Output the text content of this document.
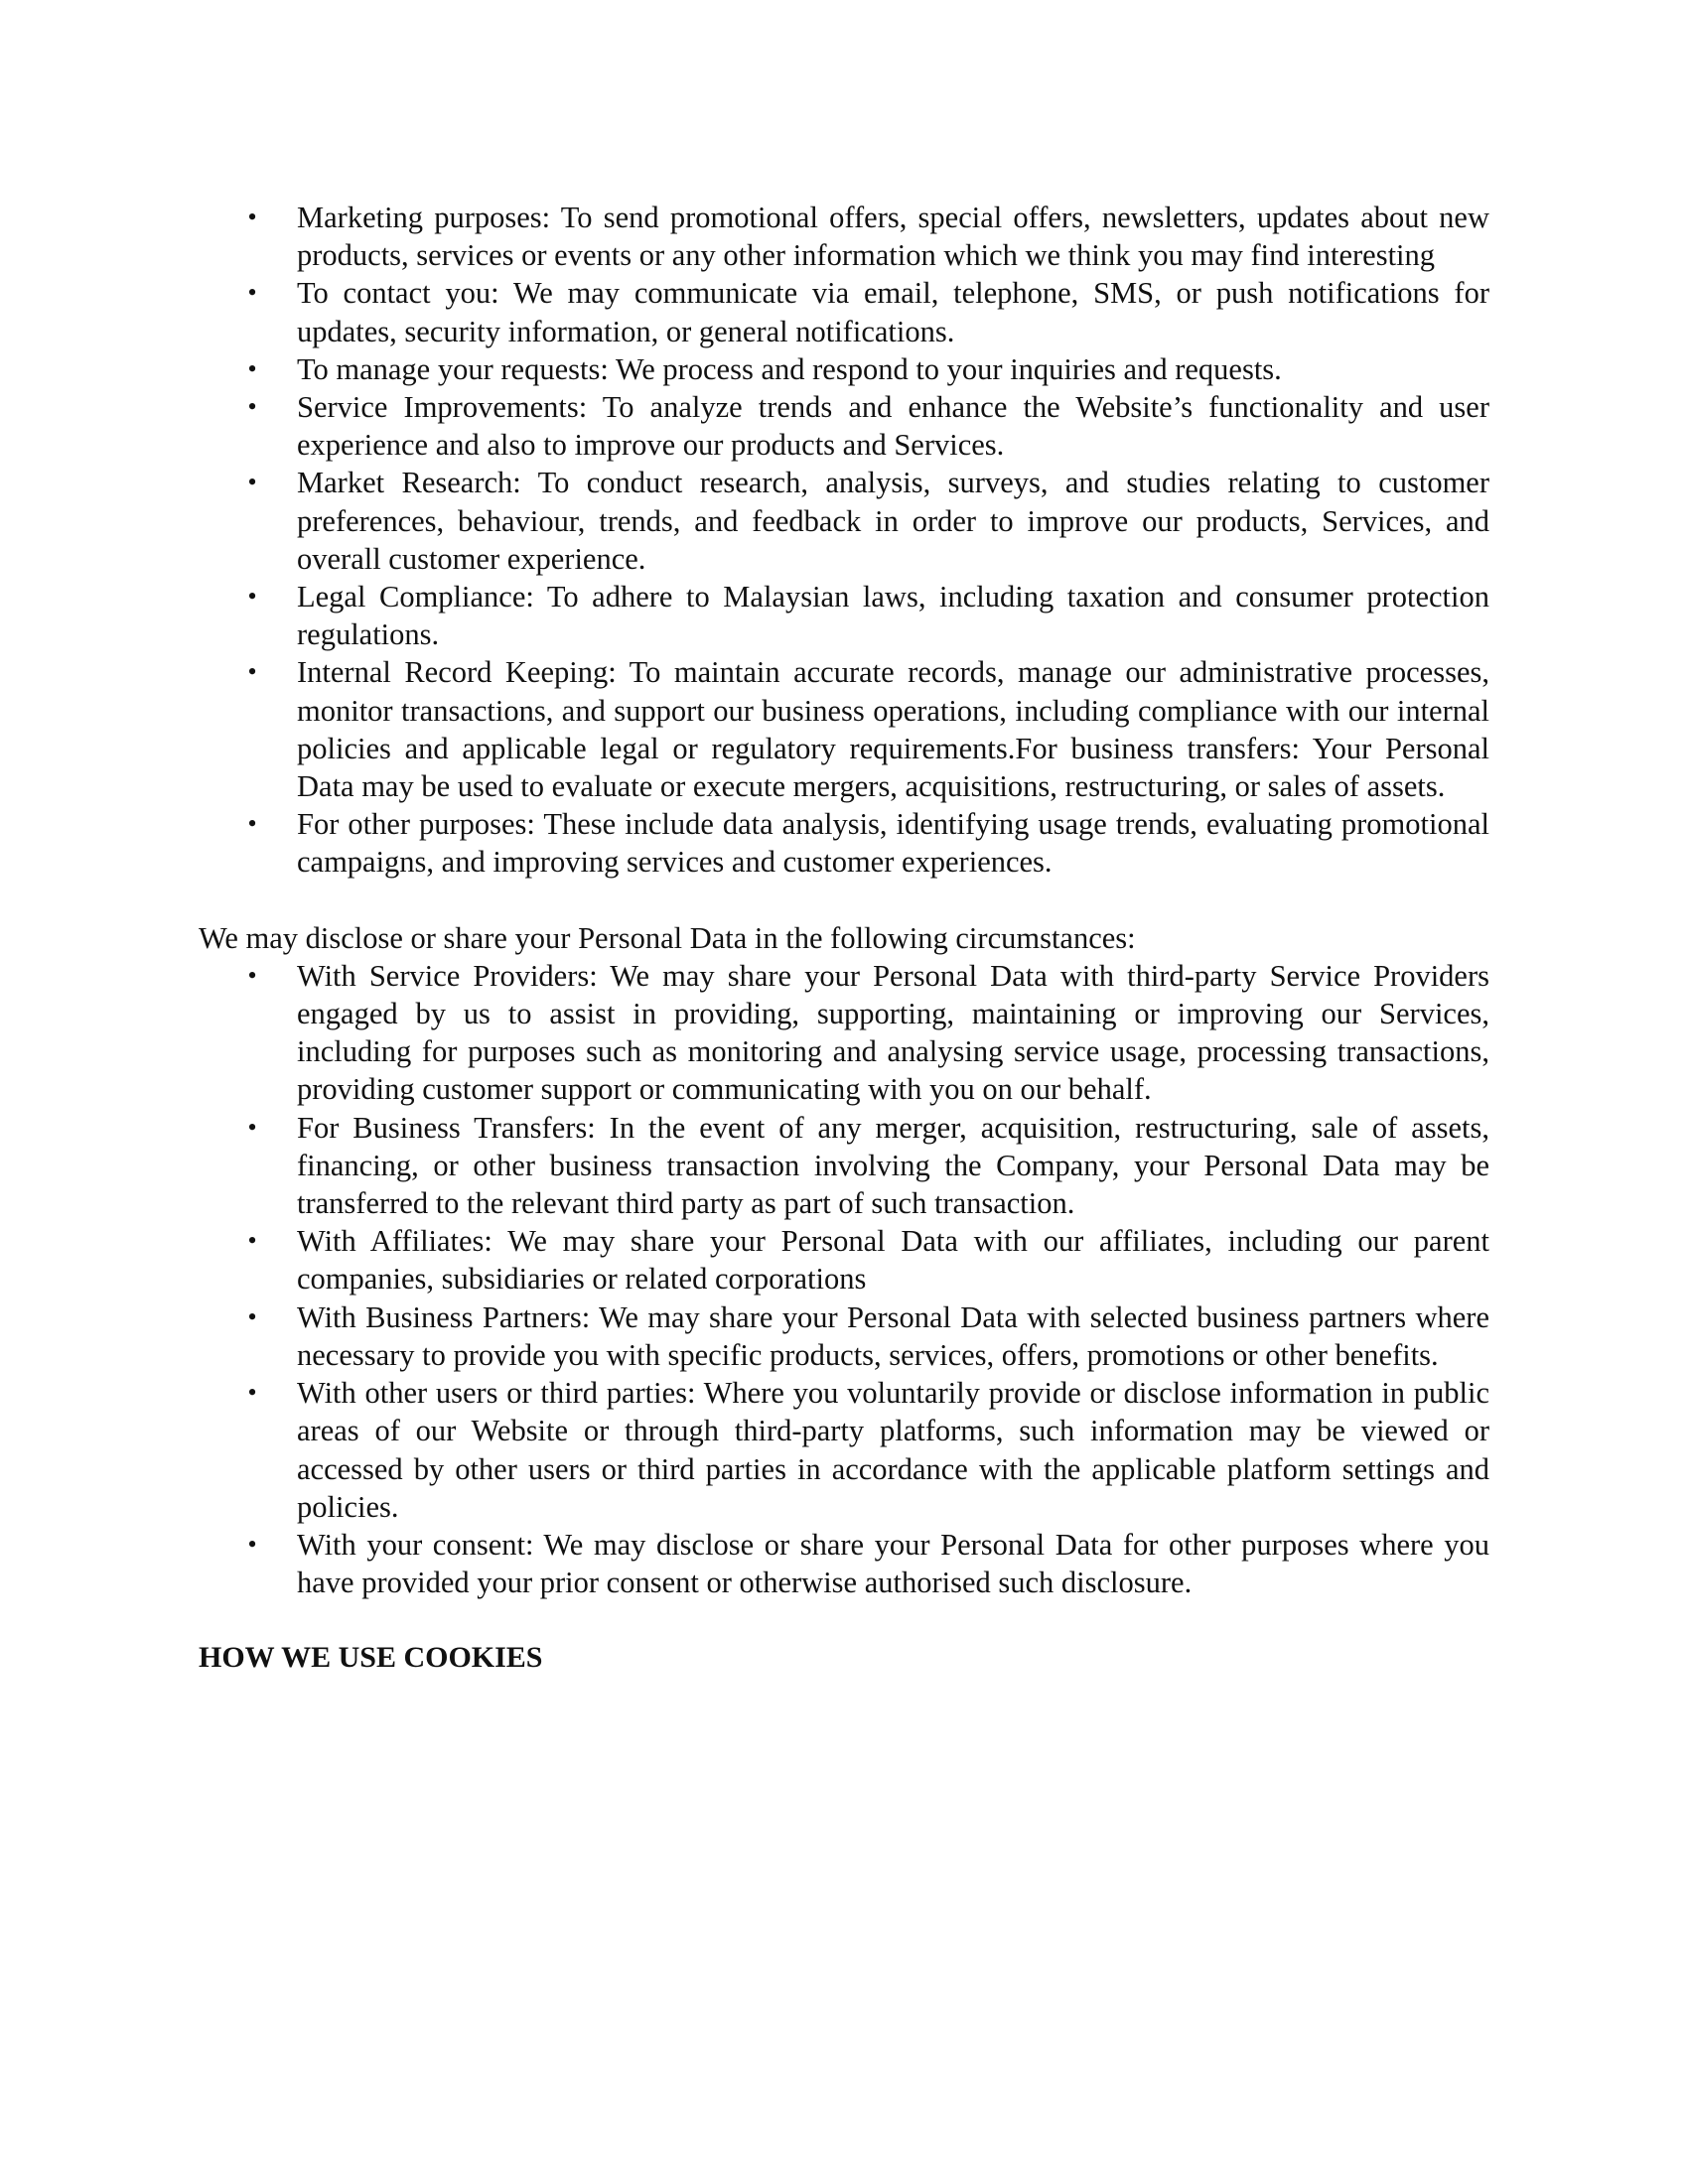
• Marketing purposes: To send promotional offers, special offers, newsletters, updates about new products, services or events or any other information which we think you may find interesting
• To contact you: We may communicate via email, telephone, SMS, or push notifications for updates, security information, or general notifications.
• To manage your requests: We process and respond to your inquiries and requests.
• Service Improvements: To analyze trends and enhance the Website’s functionality and user experience and also to improve our products and Services.
• Market Research: To conduct research, analysis, surveys, and studies relating to customer preferences, behaviour, trends, and feedback in order to improve our products, Services, and overall customer experience.
• Legal Compliance: To adhere to Malaysian laws, including taxation and consumer protection regulations.
• Internal Record Keeping: To maintain accurate records, manage our administrative processes, monitor transactions, and support our business operations, including compliance with our internal policies and applicable legal or regulatory requirements.For business transfers: Your Personal Data may be used to evaluate or execute mergers, acquisitions, restructuring, or sales of assets.
• For other purposes: These include data analysis, identifying usage trends, evaluating promotional campaigns, and improving services and customer experiences.
We may disclose or share your Personal Data in the following circumstances:
• With Service Providers: We may share your Personal Data with third-party Service Providers engaged by us to assist in providing, supporting, maintaining or improving our Services, including for purposes such as monitoring and analysing service usage, processing transactions, providing customer support or communicating with you on our behalf.
• For Business Transfers: In the event of any merger, acquisition, restructuring, sale of assets, financing, or other business transaction involving the Company, your Personal Data may be transferred to the relevant third party as part of such transaction.
• With Affiliates: We may share your Personal Data with our affiliates, including our parent companies, subsidiaries or related corporations
• With Business Partners: We may share your Personal Data with selected business partners where necessary to provide you with specific products, services, offers, promotions or other benefits.
• With other users or third parties: Where you voluntarily provide or disclose information in public areas of our Website or through third-party platforms, such information may be viewed or accessed by other users or third parties in accordance with the applicable platform settings and policies.
• With your consent: We may disclose or share your Personal Data for other purposes where you have provided your prior consent or otherwise authorised such disclosure.
HOW WE USE COOKIES
